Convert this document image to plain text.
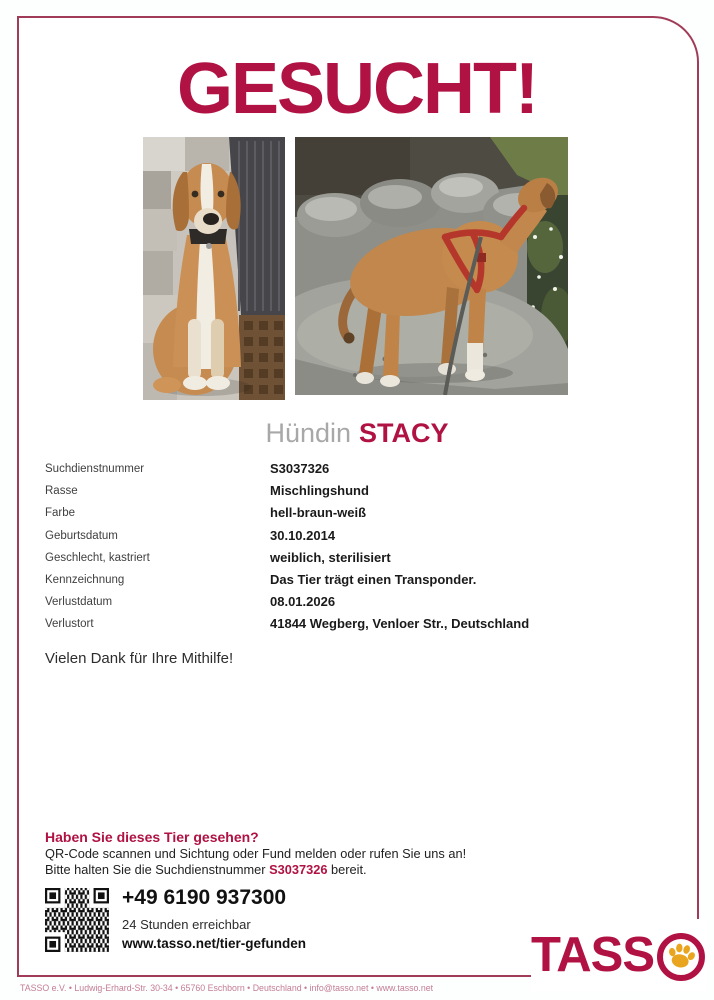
GESUCHT!
Hündin STACY
Suchdienstnummer	S3037326
Rasse	Mischlingshund
Farbe	hell-braun-weiß
Geburtsdatum	30.10.2014
Geschlecht, kastriert	weiblich, sterilisiert
Kennzeichnung	Das Tier trägt einen Transponder.
Verlustdatum	08.01.2026
Verlustort	41844 Wegberg, Venloer Str., Deutschland
Vielen Dank für Ihre Mithilfe!
Haben Sie dieses Tier gesehen?
QR-Code scannen und Sichtung oder Fund melden oder rufen Sie uns an!
Bitte halten Sie die Suchdienstnummer S3037326 bereit.
+49 6190 937300
24 Stunden erreichbar
www.tasso.net/tier-gefunden	TASS
TASSO e.V. • Ludwig-Erhard-Str. 30-34 • 65760 Eschborn • Deutschland • info@tasso.net • www.tasso.net
